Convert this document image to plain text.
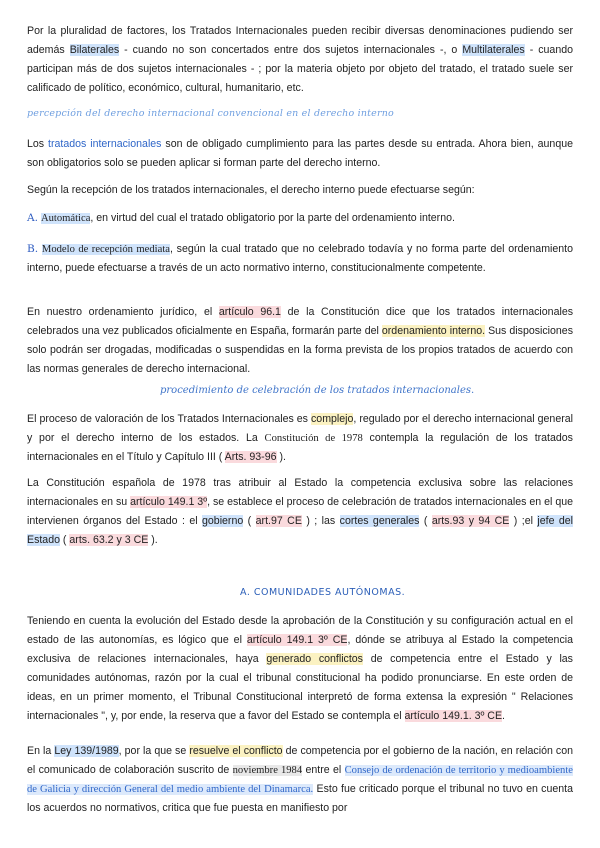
Por la pluralidad de factores, los Tratados Internacionales pueden recibir diversas denominaciones pudiendo ser además Bilaterales - cuando no son concertados entre dos sujetos internacionales -, o Multilaterales - cuando participan más de dos sujetos internacionales - ; por la materia objeto por objeto del tratado, el tratado suele ser calificado de político, económico, cultural, humanitario, etc.

percepción del derecho internacional convencional en el derecho interno

Los tratados internacionales son de obligado cumplimiento para las partes desde su entrada. Ahora bien, aunque son obligatorios solo se pueden aplicar si forman parte del derecho interno.

Según la recepción de los tratados internacionales, el derecho interno puede efectuarse según:

A. Automática, en virtud del cual el tratado obligatorio por la parte del ordenamiento interno.

B. Modelo de recepción mediata, según la cual tratado que no celebrado todavía y no forma parte del ordenamiento interno, puede efectuarse a través de un acto normativo interno, constitucionalmente competente.

En nuestro ordenamiento jurídico, el artículo 96.1 de la Constitución dice que los tratados internacionales celebrados una vez publicados oficialmente en España, formarán parte del ordenamiento interno. Sus disposiciones solo podrán ser drogadas, modificadas o suspendidas en la forma prevista de los propios tratados de acuerdo con las normas generales de derecho internacional.

procedimiento de celebración de los tratados internacionales.

El proceso de valoración de los Tratados Internacionales es complejo, regulado por el derecho internacional general y por el derecho interno de los estados. La Constitución de 1978 contempla la regulación de los tratados internacionales en el Título y Capítulo III ( Arts. 93-96 ).

La Constitución española de 1978 tras atribuir al Estado la competencia exclusiva sobre las relaciones internacionales en su artículo 149.1 3º, se establece el proceso de celebración de tratados internacionales en el que intervienen órganos del Estado : el gobierno ( art.97 CE ) ; las cortes generales ( arts.93 y 94 CE ) ;el jefe del Estado ( arts. 63.2 y 3 CE ).

A. COMUNIDADES AUTÓNOMAS.

Teniendo en cuenta la evolución del Estado desde la aprobación de la Constitución y su configuración actual en el estado de las autonomías, es lógico que el artículo 149.1 3º CE, dónde se atribuya al Estado la competencia exclusiva de relaciones internacionales, haya generado conflictos de competencia entre el Estado y las comunidades autónomas, razón por la cual el tribunal constitucional ha podido pronunciarse. En este orden de ideas, en un primer momento, el Tribunal Constitucional interpretó de forma extensa la expresión " Relaciones internacionales ", y, por ende, la reserva que a favor del Estado se contempla el artículo 149.1. 3º CE.

En la Ley 139/1989, por la que se resuelve el conflicto de competencia por el gobierno de la nación, en relación con el comunicado de colaboración suscrito de noviembre 1984 entre el Consejo de ordenación de territorio y medioambiente de Galicia y dirección General del medio ambiente del Dinamarca. Esto fue criticado porque el tribunal no tuvo en cuenta los acuerdos no normativos, critica que fue puesta en manifiesto por
